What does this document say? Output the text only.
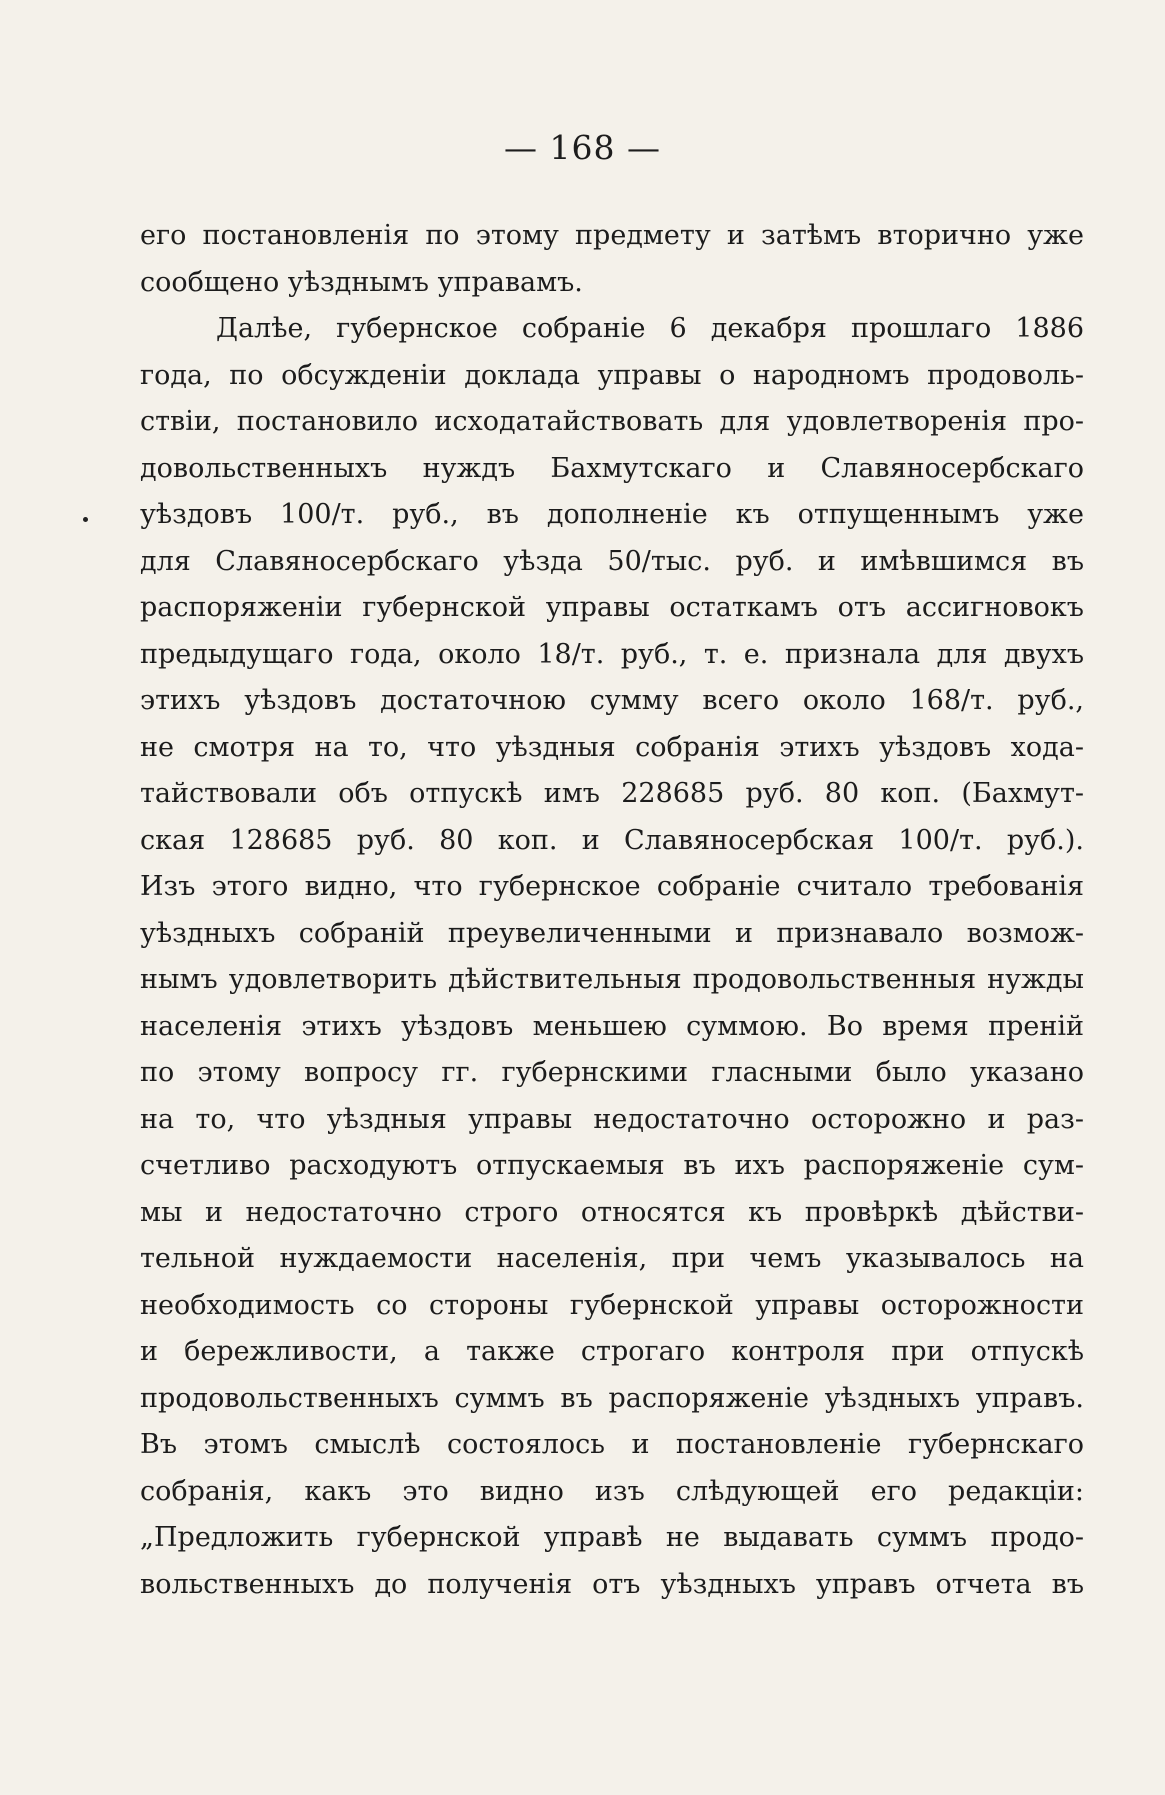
— 168 —
его постановленія по этому предмету и затѣмъ вторично уже
сообщено уѣзднымъ управамъ.
Далѣе, губернское собраніе 6 декабря прошлаго 1886
года, по обсужденіи доклада управы о народномъ продоволь-
ствіи, постановило исходатайствовать для удовлетворенія про-
довольственныхъ нуждъ Бахмутскаго и Славяносербскаго
уѣздовъ 100/т. руб., въ дополненіе къ отпущеннымъ уже
для Славяносербскаго уѣзда 50/тыс. руб. и имѣвшимся въ
распоряженіи губернской управы остаткамъ отъ ассигновокъ
предыдущаго года, около 18/т. руб., т. е. признала для двухъ
этихъ уѣздовъ достаточною сумму всего около 168/т. руб.,
не смотря на то, что уѣздныя собранія этихъ уѣздовъ хода-
тайствовали объ отпускѣ имъ 228685 руб. 80 коп. (Бахмут-
ская 128685 руб. 80 коп. и Славяносербская 100/т. руб.).
Изъ этого видно, что губернское собраніе считало требованія
уѣздныхъ собраній преувеличенными и признавало возмож-
нымъ удовлетворить дѣйствительныя продовольственныя нужды
населенія этихъ уѣздовъ меньшею суммою. Во время преній
по этому вопросу гг. губернскими гласными было указано
на то, что уѣздныя управы недостаточно осторожно и раз-
счетливо расходуютъ отпускаемыя въ ихъ распоряженіе сум-
мы и недостаточно строго относятся къ провѣркѣ дѣйстви-
тельной нуждаемости населенія, при чемъ указывалось на
необходимость со стороны губернской управы осторожности
и бережливости, а также строгаго контроля при отпускѣ
продовольственныхъ суммъ въ распоряженіе уѣздныхъ управъ.
Въ этомъ смыслѣ состоялось и постановленіе губернскаго
собранія, какъ это видно изъ слѣдующей его редакціи:
„Предложить губернской управѣ не выдавать суммъ продо-
вольственныхъ до полученія отъ уѣздныхъ управъ отчета въ
